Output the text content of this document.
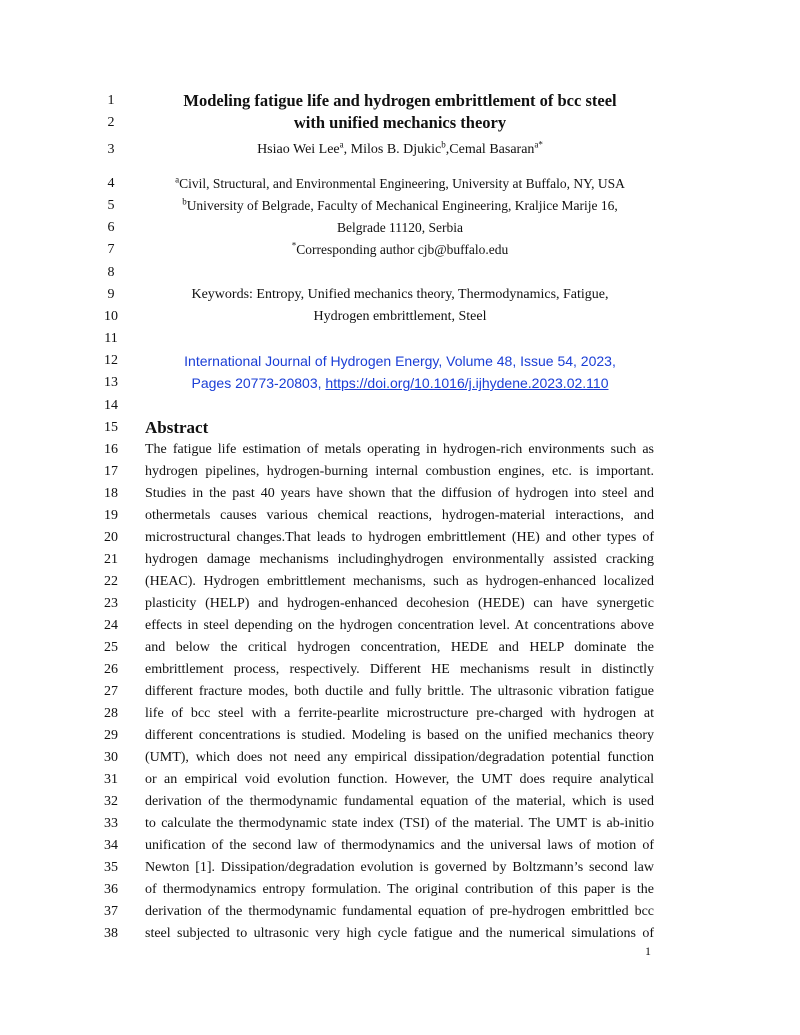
1
2
3
4
5
6
7
8
9
10
11
12
13
14
15
16
17
18
19
20
21
22
23
24
25
26
27
28
29
30
31
32
33
34
35
36
37
38
Modeling fatigue life and hydrogen embrittlement of bcc steel
with unified mechanics theory
Hsiao Wei Lee$^a$, Milos B. Djukic$^b$,Cemal Basaran$^{a*}$
$^a$Civil, Structural, and Environmental Engineering, University at Buffalo, NY, USA
$^b$University of Belgrade, Faculty of Mechanical Engineering, Kraljice Marije 16,
Belgrade 11120, Serbia
*Corresponding author cjb@buffalo.edu
Keywords: Entropy, Unified mechanics theory, Thermodynamics, Fatigue,
Hydrogen embrittlement, Steel
International Journal of Hydrogen Energy, Volume 48, Issue 54, 2023,
Pages 20773-20803, https://doi.org/10.1016/j.ijhydene.2023.02.110
Abstract
The fatigue life estimation of metals operating in hydrogen-rich environments such as
hydrogen pipelines, hydrogen-burning internal combustion engines, etc. is important.
Studies in the past 40 years have shown that the diffusion of hydrogen into steel and
othermetals causes various chemical reactions, hydrogen-material interactions, and
microstructural changes.That leads to hydrogen embrittlement (HE) and other types of
hydrogen damage mechanisms includinghydrogen environmentally assisted cracking
(HEAC). Hydrogen embrittlement mechanisms, such as hydrogen-enhanced localized
plasticity (HELP) and hydrogen-enhanced decohesion (HEDE) can have synergetic
effects in steel depending on the hydrogen concentration level. At concentrations above
and below the critical hydrogen concentration, HEDE and HELP dominate the
embrittlement process, respectively. Different HE mechanisms result in distinctly
different fracture modes, both ductile and fully brittle. The ultrasonic vibration fatigue
life of bcc steel with a ferrite-pearlite microstructure pre-charged with hydrogen at
different concentrations is studied. Modeling is based on the unified mechanics theory
(UMT), which does not need any empirical dissipation/degradation potential function
or an empirical void evolution function. However, the UMT does require analytical
derivation of the thermodynamic fundamental equation of the material, which is used
to calculate the thermodynamic state index (TSI) of the material. The UMT is ab-initio
unification of the second law of thermodynamics and the universal laws of motion of
Newton [1]. Dissipation/degradation evolution is governed by Boltzmann’s second law
of thermodynamics entropy formulation. The original contribution of this paper is the
derivation of the thermodynamic fundamental equation of pre-hydrogen embrittled bcc
steel subjected to ultrasonic very high cycle fatigue and the numerical simulations of
1
